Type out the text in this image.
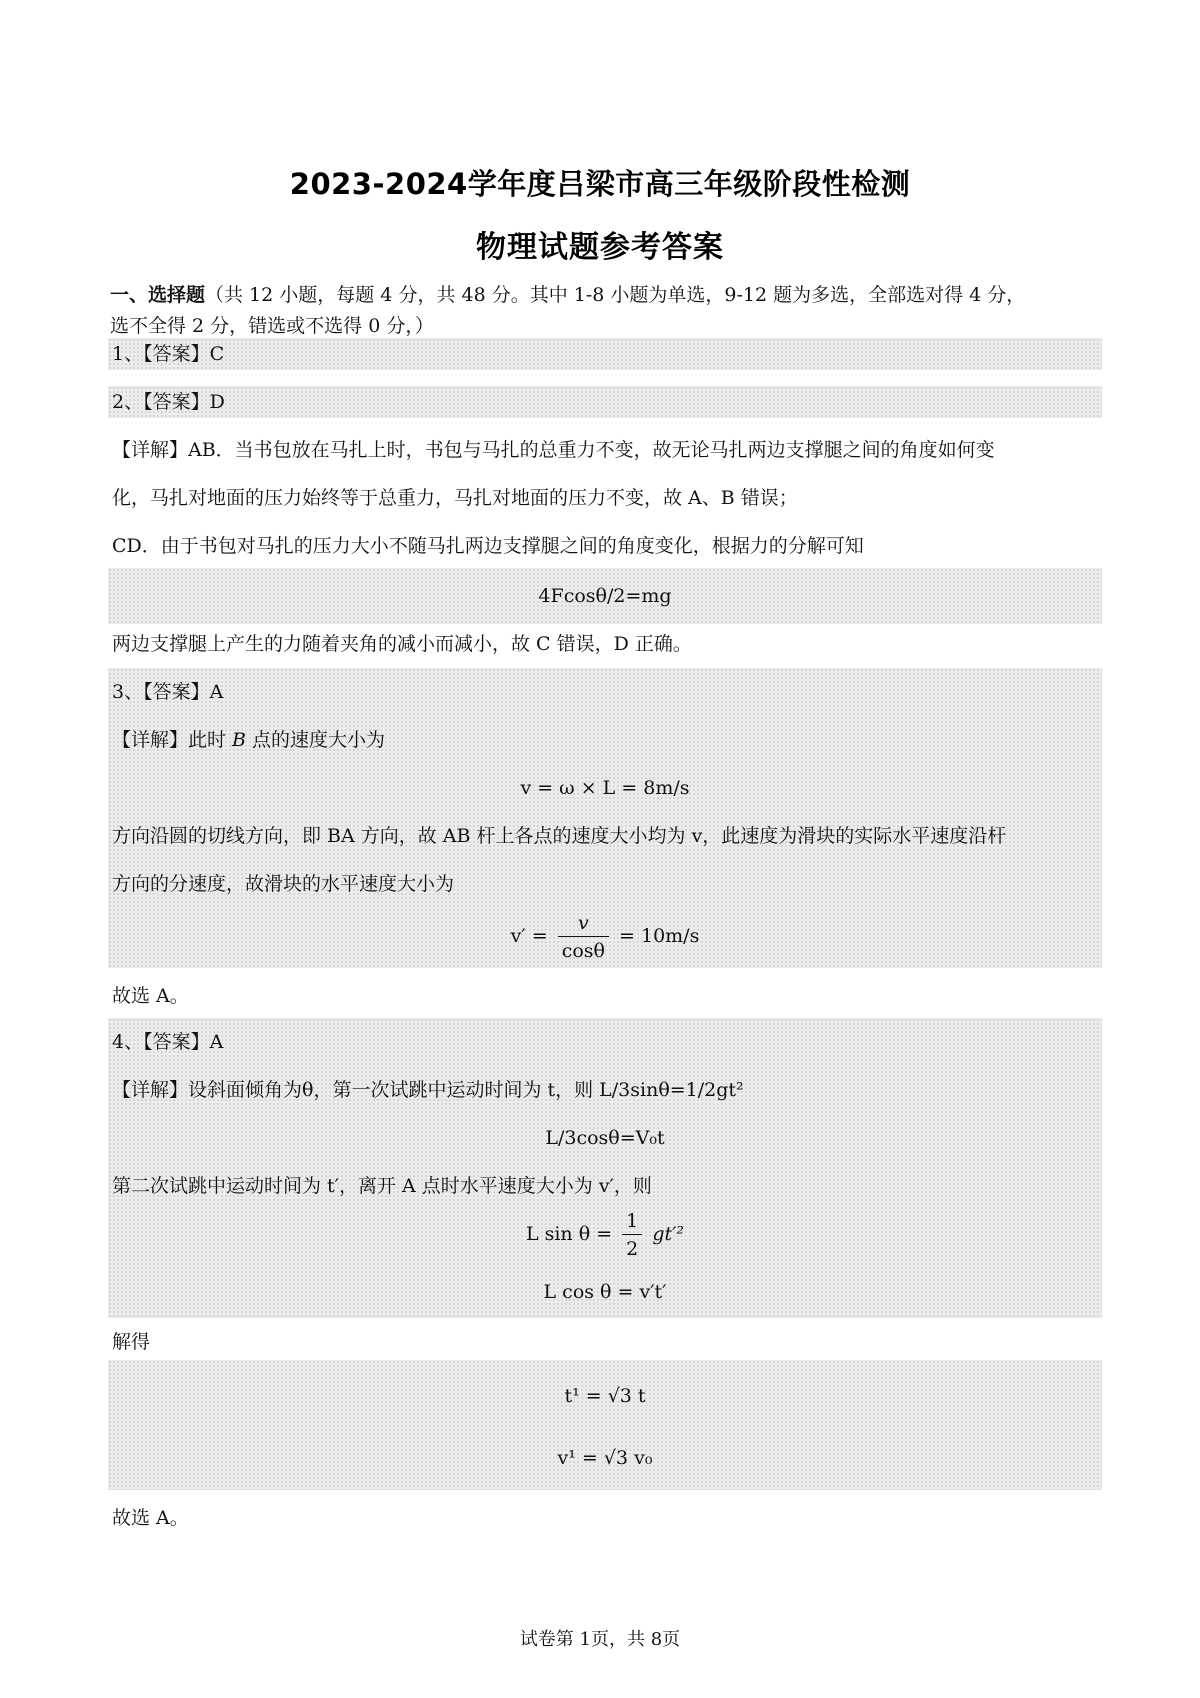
2023-2024学年度吕梁市高三年级阶段性检测
物理试题参考答案
一、选择题（共 12 小题，每题 4 分，共 48 分。其中 1-8 小题为单选，9-12 题为多选，全部选对得 4 分，
选不全得 2 分，错选或不选得 0 分，）
1、【答案】C
2、【答案】D
【详解】AB．当书包放在马扎上时，书包与马扎的总重力不变，故无论马扎两边支撑腿之间的角度如何变
化，马扎对地面的压力始终等于总重力，马扎对地面的压力不变，故 A、B 错误；
CD．由于书包对马扎的压力大小不随马扎两边支撑腿之间的角度变化，根据力的分解可知
4Fcosθ/2=mg
两边支撑腿上产生的力随着夹角的减小而减小，故 C 错误，D 正确。
3、【答案】A
【详解】此时 B 点的速度大小为
v = ω × L = 8m/s
方向沿圆的切线方向，即 BA 方向，故 AB 杆上各点的速度大小均为 v，此速度为滑块的实际水平速度沿杆
方向的分速度，故滑块的水平速度大小为
$v' = \frac{v}{\cos\theta} = 10m/s$
故选 A。
4、【答案】A
【详解】设斜面倾角为θ，第一次试跳中运动时间为 t，则 L/3sinθ=1/2gt²
L/3cosθ=V₀t
第二次试跳中运动时间为 t′，离开 A 点时水平速度大小为 v′，则
L $\sin \theta = \frac{1}{2} gt'^2$
L cos θ = v′t′
解得
t¹ = √3 t
v¹ = √3 v₀
故选 A。
试卷第 1页，共 8页
